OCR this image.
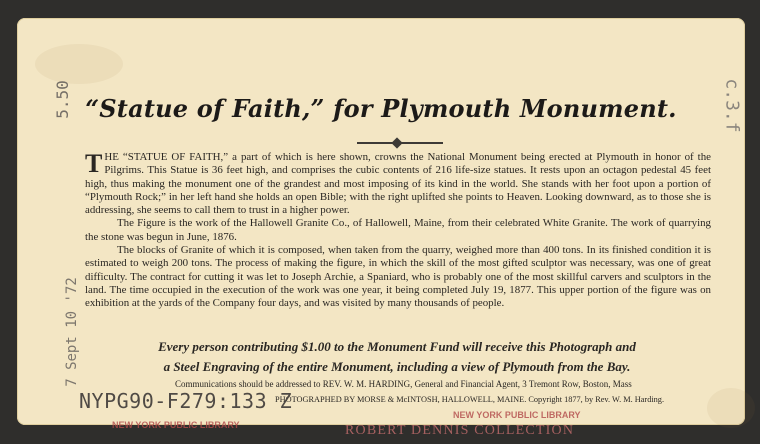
“Statue of Faith,” for Plymouth Monument.

T HE “STATUE OF FAITH,” a part of which is here shown, crowns the National Monument being erected at Plymouth in honor of the Pilgrims. This Statue is 36 feet high, and comprises the cubic contents of 216 life-size statues. It rests upon an octagon pedestal 45 feet high, thus making the monument one of the grandest and most imposing of its kind in the world. She stands with her foot upon a portion of “Plymouth Rock;” in her left hand she holds an open Bible; with the right uplifted she points to Heaven. Looking downward, as to those she is addressing, she seems to call them to trust in a higher power.

The Figure is the work of the Hallowell Granite Co., of Hallowell, Maine, from their celebrated White Granite. The work of quarrying the stone was begun in June, 1876.

The blocks of Granite of which it is composed, when taken from the quarry, weighed more than 400 tons. In its finished condition it is estimated to weigh 200 tons. The process of making the figure, in which the skill of the most gifted sculptor was necessary, was one of great difficulty. The contract for cutting it was let to Joseph Archie, a Spaniard, who is probably one of the most skillful carvers and sculptors in the land. The time occupied in the execution of the work was one year, it being completed July 19, 1877. This upper portion of the figure was on exhibition at the yards of the Company four days, and was visited by many thousands of people.

Every person contributing $1.00 to the Monument Fund will receive this Photograph and
a Steel Engraving of the entire Monument, including a view of Plymouth from the Bay.
Communications should be addressed to REV. W. M. HARDING, General and Financial Agent, 3 Tremont Row, Boston, Mass
PHOTOGRAPHED BY MORSE & McINTOSH, HALLOWELL, MAINE. Copyright 1877, by Rev. W. M. Harding.
NEW YORK PUBLIC LIBRARY
NEW YORK PUBLIC LIBRARY
ROBERT DENNIS COLLECTION
NYPG90-F279:133 Z
5.50
7 Sept 10 '72
c.3.f
